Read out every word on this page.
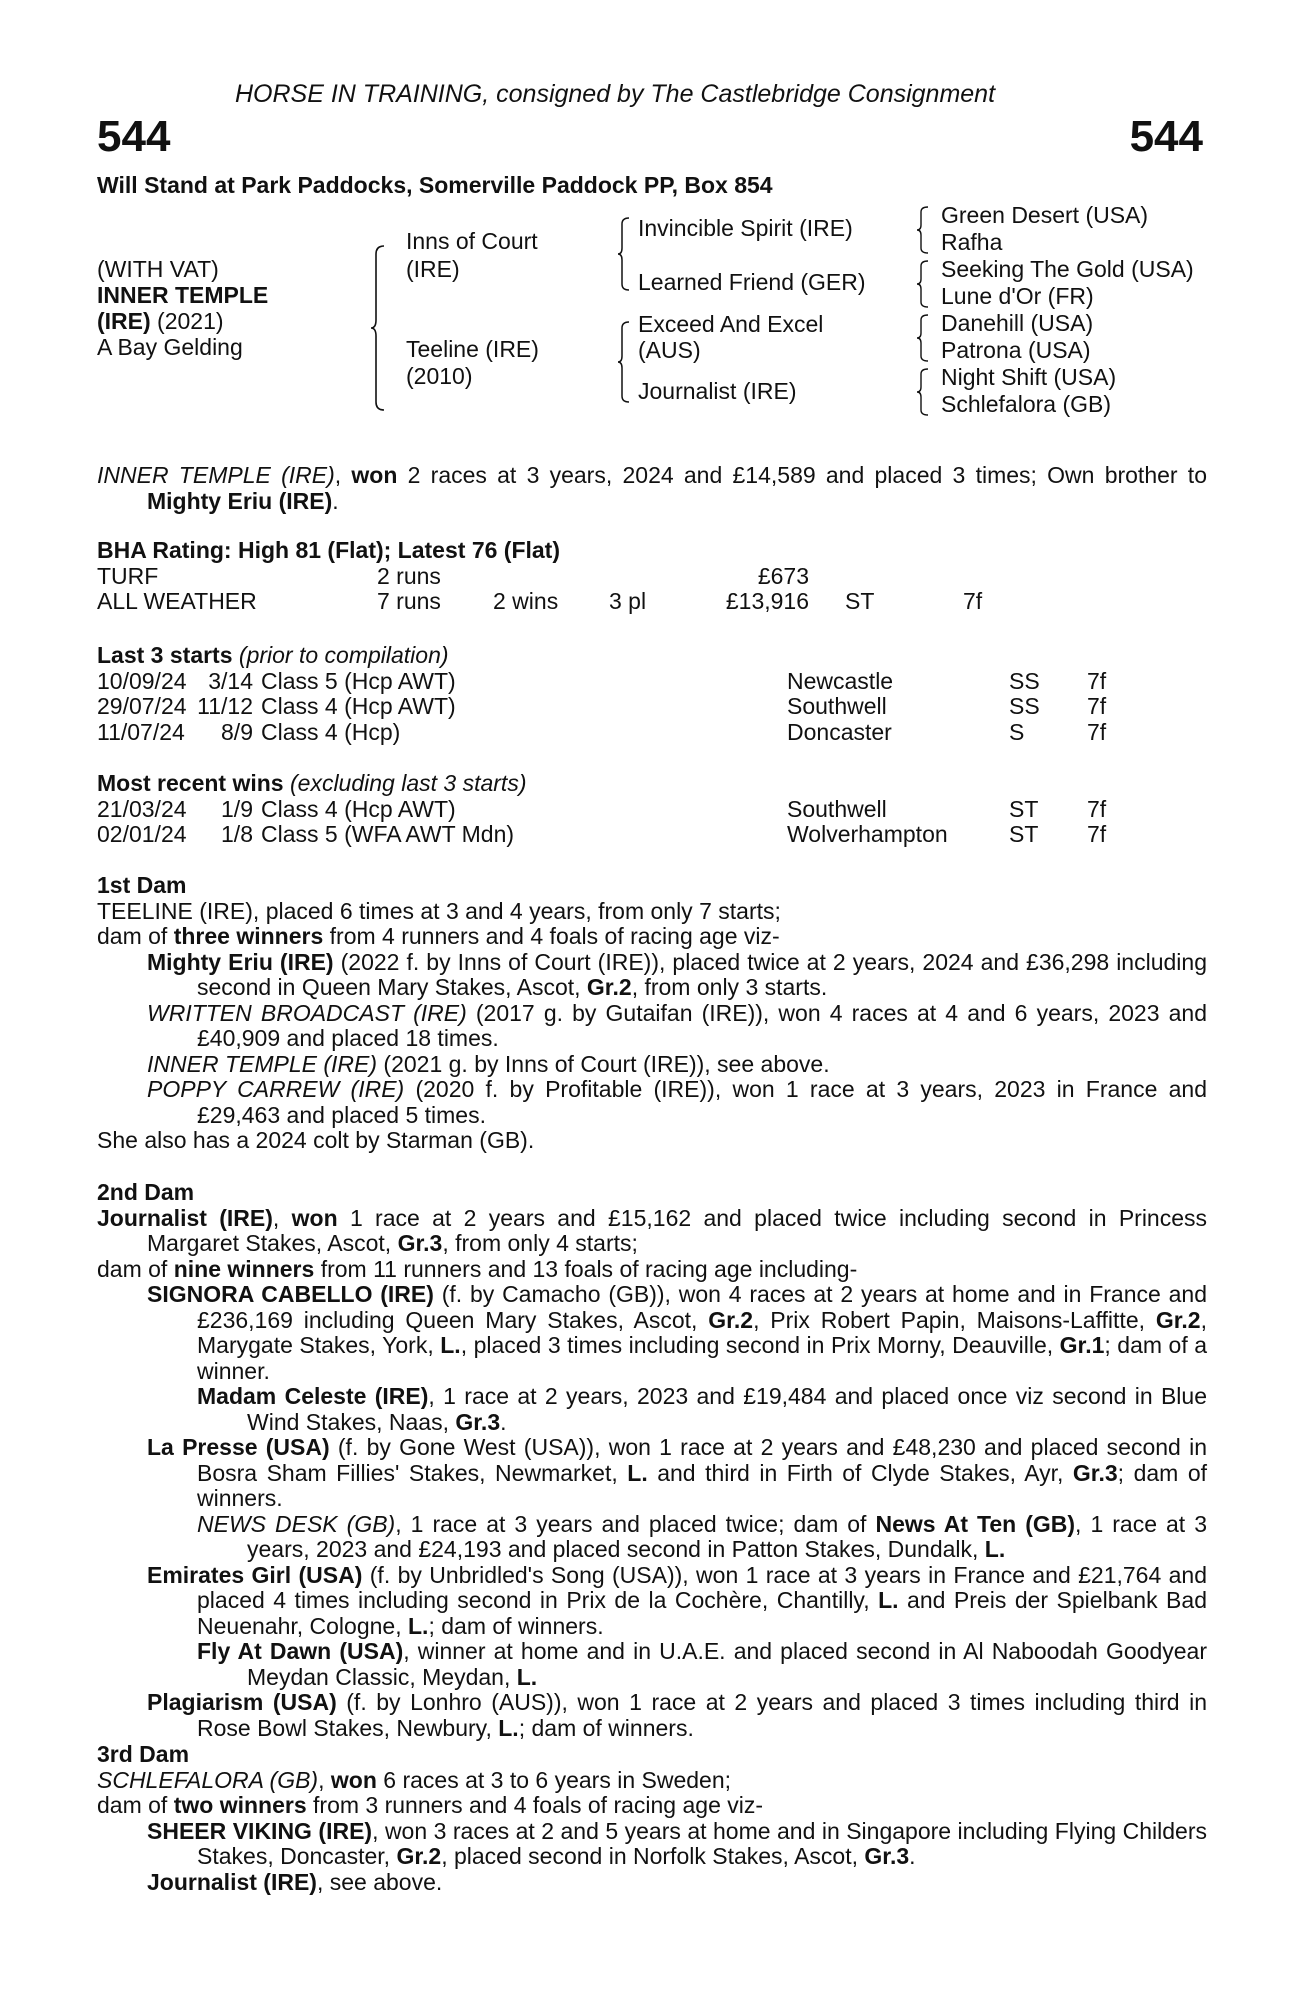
HORSE IN TRAINING, consigned by The Castlebridge Consignment
544	544
Will Stand at Park Paddocks, Somerville Paddock PP, Box 854
(WITH VAT)
INNER TEMPLE
(IRE) (2021)
A Bay Gelding
Inns of Court
(IRE)
Teeline (IRE)
(2010)
Invincible Spirit (IRE)
Learned Friend (GER)
Exceed And Excel
(AUS)
Journalist (IRE)
Green Desert (USA)
Rafha
Seeking The Gold (USA)
Lune d'Or (FR)
Danehill (USA)
Patrona (USA)
Night Shift (USA)
Schlefalora (GB)

INNER TEMPLE (IRE), won 2 races at 3 years, 2024 and £14,589 and placed 3 times; Own brother to Mighty Eriu (IRE).

BHA Rating: High 81 (Flat); Latest 76 (Flat)

TURF	2 runs			£673		
ALL WEATHER	7 runs	2 wins	3 pl	£13,916	ST	7f

Last 3 starts (prior to compilation)

10/09/24	3/14	Class 5 (Hcp AWT)	Newcastle	SS	7f
29/07/24	11/12	Class 4 (Hcp AWT)	Southwell	SS	7f
11/07/24	8/9	Class 4 (Hcp)	Doncaster	S	7f

Most recent wins (excluding last 3 starts)

21/03/24	1/9	Class 4 (Hcp AWT)	Southwell	ST	7f
02/01/24	1/8	Class 5 (WFA AWT Mdn)	Wolverhampton	ST	7f

1st Dam

TEELINE (IRE), placed 6 times at 3 and 4 years, from only 7 starts;

dam of three winners from 4 runners and 4 foals of racing age viz-

Mighty Eriu (IRE) (2022 f. by Inns of Court (IRE)), placed twice at 2 years, 2024 and £36,298 including second in Queen Mary Stakes, Ascot, Gr.2, from only 3 starts.

WRITTEN BROADCAST (IRE) (2017 g. by Gutaifan (IRE)), won 4 races at 4 and 6 years, 2023 and £40,909 and placed 18 times.

INNER TEMPLE (IRE) (2021 g. by Inns of Court (IRE)), see above.

POPPY CARREW (IRE) (2020 f. by Profitable (IRE)), won 1 race at 3 years, 2023 in France and £29,463 and placed 5 times.

She also has a 2024 colt by Starman (GB).

2nd Dam

Journalist (IRE), won 1 race at 2 years and £15,162 and placed twice including second in Princess Margaret Stakes, Ascot, Gr.3, from only 4 starts;

dam of nine winners from 11 runners and 13 foals of racing age including-

SIGNORA CABELLO (IRE) (f. by Camacho (GB)), won 4 races at 2 years at home and in France and £236,169 including Queen Mary Stakes, Ascot, Gr.2, Prix Robert Papin, Maisons-Laffitte, Gr.2, Marygate Stakes, York, L., placed 3 times including second in Prix Morny, Deauville, Gr.1; dam of a winner.

Madam Celeste (IRE), 1 race at 2 years, 2023 and £19,484 and placed once viz second in Blue Wind Stakes, Naas, Gr.3.

La Presse (USA) (f. by Gone West (USA)), won 1 race at 2 years and £48,230 and placed second in Bosra Sham Fillies' Stakes, Newmarket, L. and third in Firth of Clyde Stakes, Ayr, Gr.3; dam of winners.

NEWS DESK (GB), 1 race at 3 years and placed twice; dam of News At Ten (GB), 1 race at 3 years, 2023 and £24,193 and placed second in Patton Stakes, Dundalk, L.

Emirates Girl (USA) (f. by Unbridled's Song (USA)), won 1 race at 3 years in France and £21,764 and placed 4 times including second in Prix de la Cochère, Chantilly, L. and Preis der Spielbank Bad Neuenahr, Cologne, L.; dam of winners.

Fly At Dawn (USA), winner at home and in U.A.E. and placed second in Al Naboodah Goodyear Meydan Classic, Meydan, L.

Plagiarism (USA) (f. by Lonhro (AUS)), won 1 race at 2 years and placed 3 times including third in Rose Bowl Stakes, Newbury, L.; dam of winners.

3rd Dam

SCHLEFALORA (GB), won 6 races at 3 to 6 years in Sweden;

dam of two winners from 3 runners and 4 foals of racing age viz-

SHEER VIKING (IRE), won 3 races at 2 and 5 years at home and in Singapore including Flying Childers Stakes, Doncaster, Gr.2, placed second in Norfolk Stakes, Ascot, Gr.3.

Journalist (IRE), see above.
